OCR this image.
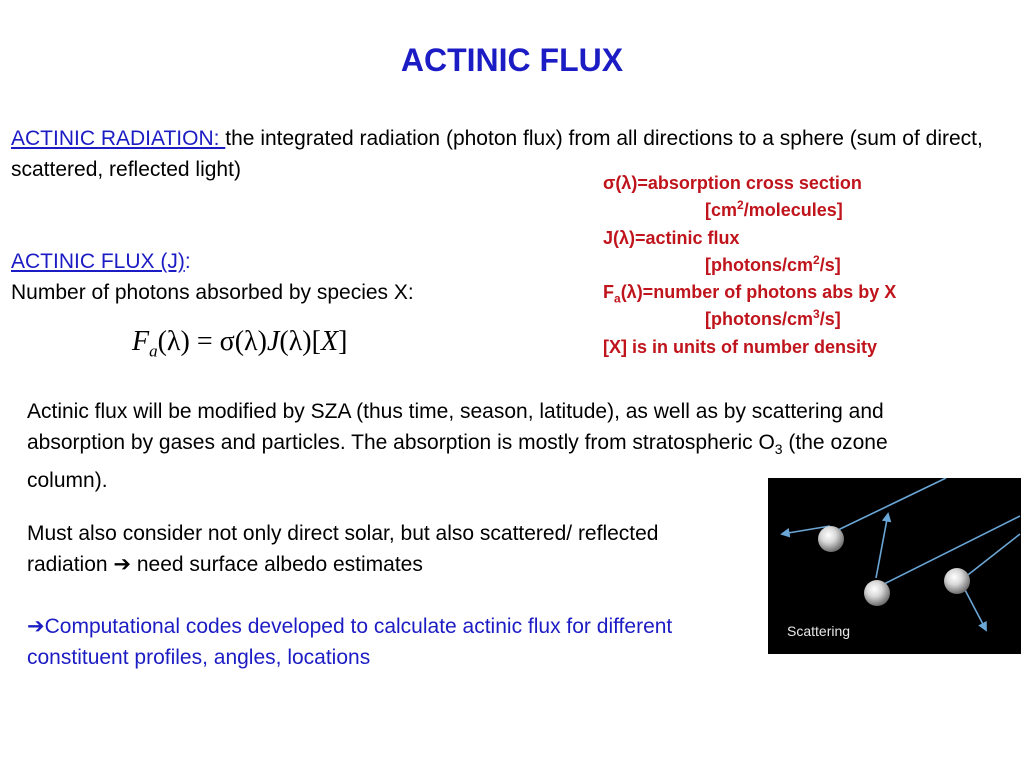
ACTINIC FLUX
ACTINIC RADIATION: the integrated radiation (photon flux) from all directions to a sphere (sum of direct, scattered, reflected light)
ACTINIC FLUX (J):
Number of photons absorbed by species X:
$F_a(\lambda) = \sigma(\lambda)J(\lambda)[X]$
σ(λ)=absorption cross section
$[cm^2/molecules]$
J(λ)=actinic flux
$[photons/cm^2/s]$
$F_a(\lambda)=number$ of photons abs by X
$[photons/cm^3/s]$
[X] is in units of number density
Actinic flux will be modified by SZA (thus time, season, latitude), as well as by scattering and absorption by gases and particles. The absorption is mostly from stratospheric $O_3$ (the ozone column).
Must also consider not only direct solar, but also scattered/ reflected radiation ➔ need surface albedo estimates
➔Computational codes developed to calculate actinic flux for different constituent profiles, angles, locations
Scattering
